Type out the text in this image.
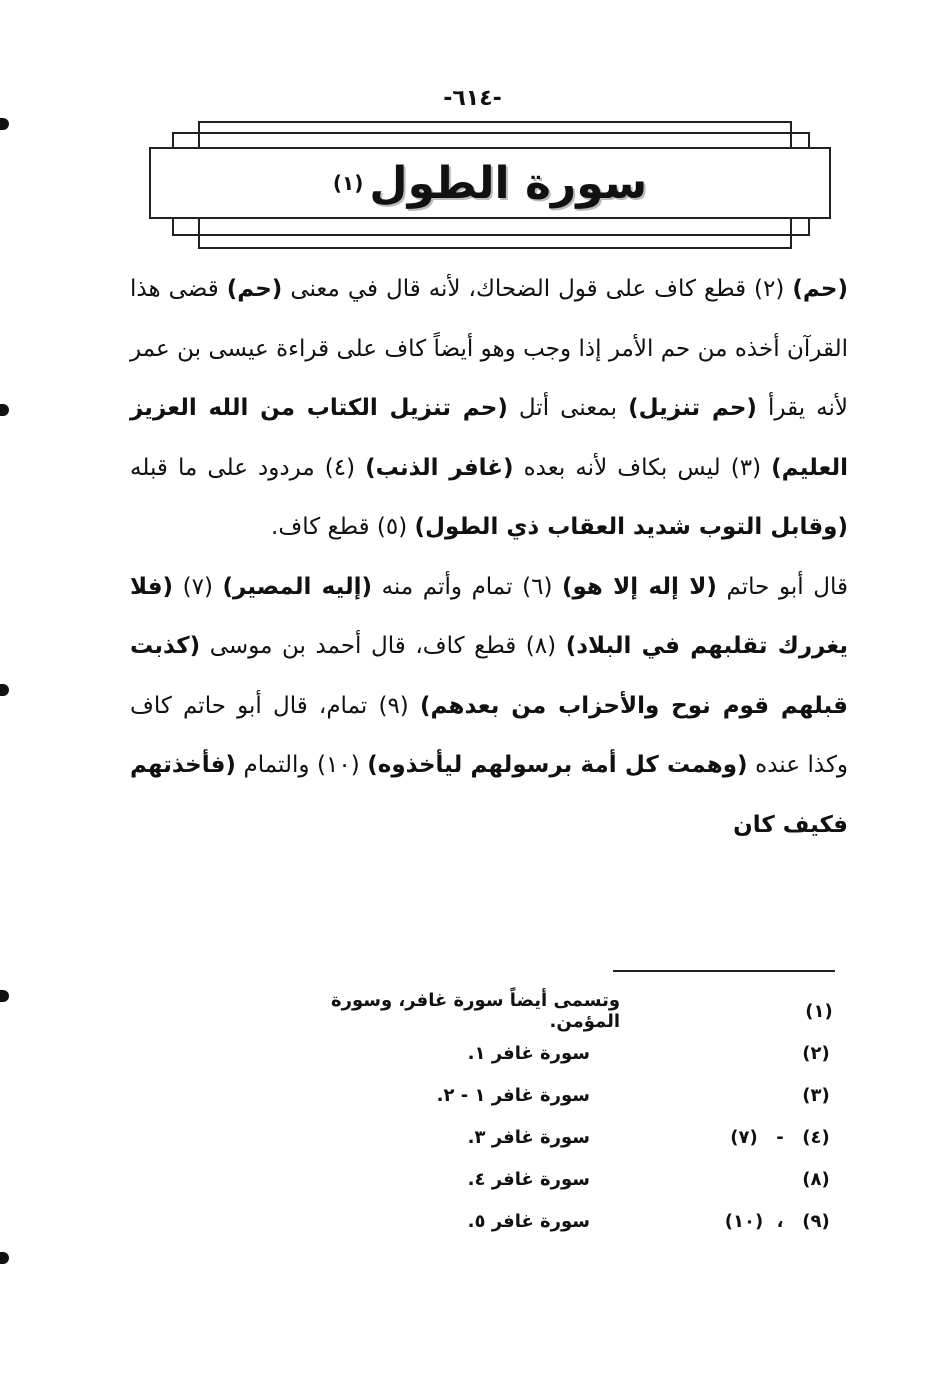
-٦١٤-
سورة الطول
(١)

(حم) (٢) قطع كاف على قول الضحاك، لأنه قال في معنى (حم) قضى هذا القرآن أخذه من حم الأمر إذا وجب وهو أيضاً كاف على قراءة عيسى بن عمر لأنه يقرأ (حم تنزيل) بمعنى أتل (حم تنزيل الكتاب من الله العزيز العليم) (٣) ليس بكاف لأنه بعده (غافر الذنب) (٤) مردود على ما قبله (وقابل التوب شديد العقاب ذي الطول) (٥) قطع كاف.

قال أبو حاتم (لا إله إلا هو) (٦) تمام وأتم منه (إليه المصير) (٧) (فلا يغررك تقلبهم في البلاد) (٨) قطع كاف، قال أحمد بن موسى (كذبت قبلهم قوم نوح والأحزاب من بعدهم) (٩) تمام، قال أبو حاتم كاف وكذا عنده (وهمت كل أمة برسولهم ليأخذوه) (١٠) والتمام (فأخذتهم فكيف كان

(١)
وتسمى أيضاً سورة غافر، وسورة المؤمن.
(٢)
سورة غافر ١.
(٣)
سورة غافر ١ - ٢.
(٤)
-
(٧)
سورة غافر ٣.
(٨)
سورة غافر ٤.
(٩)
،
(١٠)
سورة غافر ٥.
